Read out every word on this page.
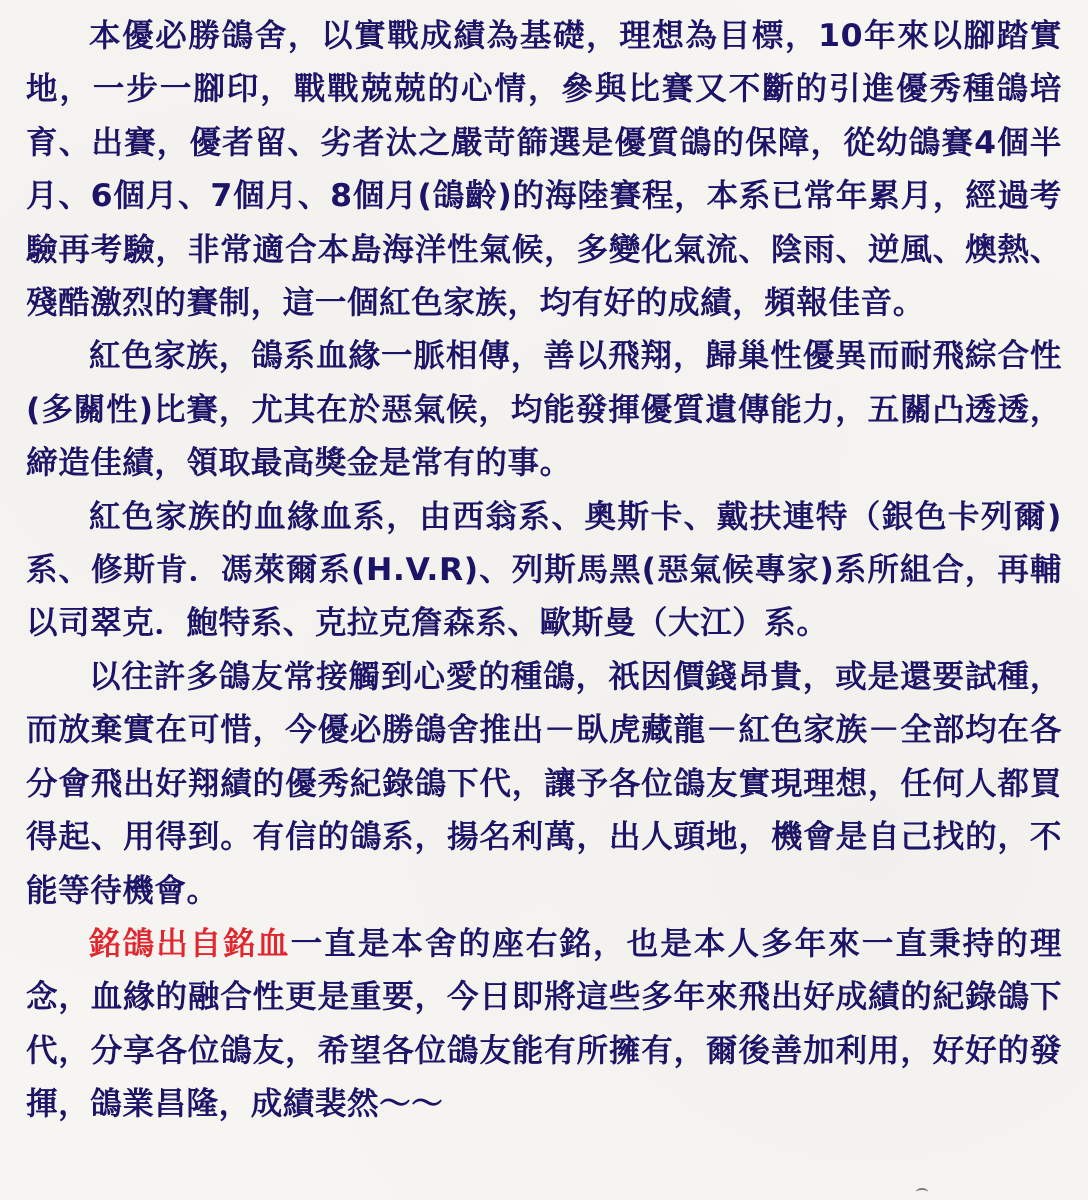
本優必勝鴿舍，以實戰成績為基礎，理想為目標，10年來以腳踏實地，一步一腳印，戰戰兢兢的心情，參與比賽又不斷的引進優秀種鴿培育、出賽，優者留、劣者汰之嚴苛篩選是優質鴿的保障，從幼鴿賽4個半月、6個月、7個月、8個月(鴿齡)的海陸賽程，本系已常年累月，經過考驗再考驗，非常適合本島海洋性氣候，多變化氣流、陰雨、逆風、燠熱、殘酷激烈的賽制，這一個紅色家族，均有好的成績，頻報佳音。

紅色家族，鴿系血緣一脈相傳，善以飛翔，歸巢性優異而耐飛綜合性(多關性)比賽，尤其在於惡氣候，均能發揮優質遺傳能力，五關凸透透，締造佳績，領取最高獎金是常有的事。

紅色家族的血緣血系，由西翁系、奧斯卡、戴扶連特（銀色卡列爾)系、修斯肯．馮萊爾系(H.V.R)、列斯馬黑(惡氣候專家)系所組合，再輔以司翠克．鮑特系、克拉克詹森系、歐斯曼（大江）系。

以往許多鴿友常接觸到心愛的種鴿，祇因價錢昂貴，或是還要試種，而放棄實在可惜，今優必勝鴿舍推出－臥虎藏龍－紅色家族－全部均在各分會飛出好翔績的優秀紀錄鴿下代，讓予各位鴿友實現理想，任何人都買得起、用得到。有信的鴿系，揚名利萬，出人頭地，機會是自己找的，不能等待機會。

銘鴿出自銘血一直是本舍的座右銘，也是本人多年來一直秉持的理念，血緣的融合性更是重要，今日即將這些多年來飛出好成績的紀錄鴿下代，分享各位鴿友，希望各位鴿友能有所擁有，爾後善加利用，好好的發揮，鴿業昌隆，成績裴然～～
